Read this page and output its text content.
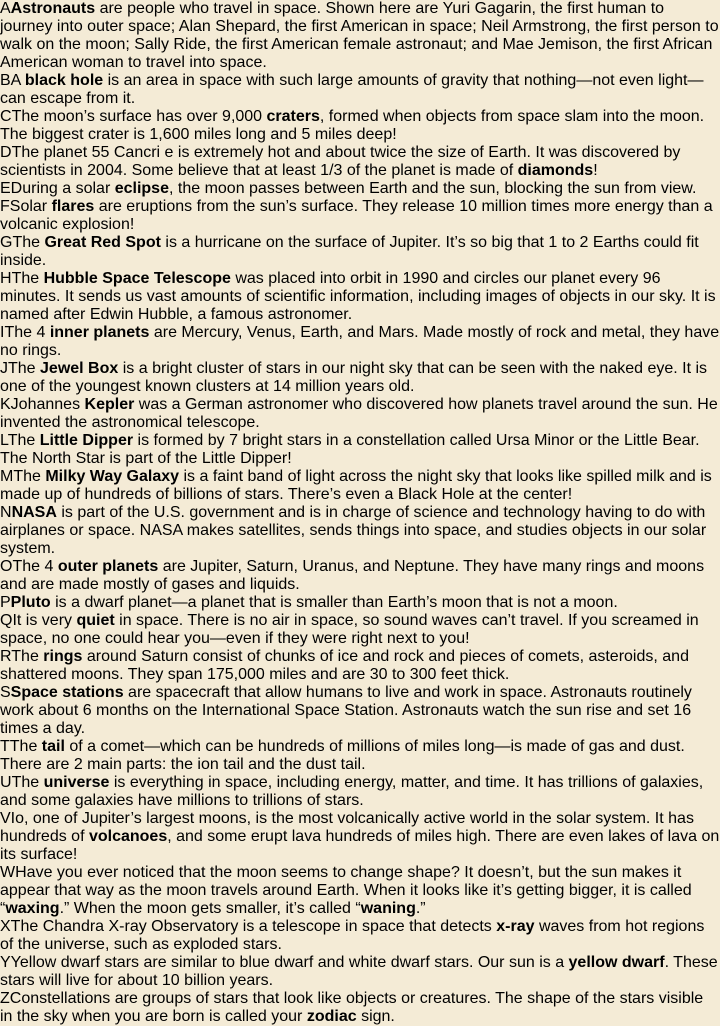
AAstronauts are people who travel in space. Shown here are Yuri Gagarin, the first human to journey into outer space; Alan Shepard, the first American in space; Neil Armstrong, the first person to walk on the moon; Sally Ride, the first American female astronaut; and Mae Jemison, the first African American woman to travel into space.
BA black hole is an area in space with such large amounts of gravity that nothing—not even light—can escape from it.
CThe moon’s surface has over 9,000 craters, formed when objects from space slam into the moon. The biggest crater is 1,600 miles long and 5 miles deep!
DThe planet 55 Cancri e is extremely hot and about twice the size of Earth. It was discovered by scientists in 2004. Some believe that at least 1/3 of the planet is made of diamonds!
EDuring a solar eclipse, the moon passes between Earth and the sun, blocking the sun from view.
FSolar flares are eruptions from the sun’s surface. They release 10 million times more energy than a volcanic explosion!
GThe Great Red Spot is a hurricane on the surface of Jupiter. It’s so big that 1 to 2 Earths could fit inside.
HThe Hubble Space Telescope was placed into orbit in 1990 and circles our planet every 96 minutes. It sends us vast amounts of scientific information, including images of objects in our sky. It is named after Edwin Hubble, a famous astronomer.
IThe 4 inner planets are Mercury, Venus, Earth, and Mars. Made mostly of rock and metal, they have no rings.
JThe Jewel Box is a bright cluster of stars in our night sky that can be seen with the naked eye. It is one of the youngest known clusters at 14 million years old.
KJohannes Kepler was a German astronomer who discovered how planets travel around the sun. He invented the astronomical telescope.
LThe Little Dipper is formed by 7 bright stars in a constellation called Ursa Minor or the Little Bear. The North Star is part of the Little Dipper!
MThe Milky Way Galaxy is a faint band of light across the night sky that looks like spilled milk and is made up of hundreds of billions of stars. There’s even a Black Hole at the center!
NNASA is part of the U.S. government and is in charge of science and technology having to do with airplanes or space. NASA makes satellites, sends things into space, and studies objects in our solar system.
OThe 4 outer planets are Jupiter, Saturn, Uranus, and Neptune. They have many rings and moons and are made mostly of gases and liquids.
PPluto is a dwarf planet—a planet that is smaller than Earth’s moon that is not a moon.
QIt is very quiet in space. There is no air in space, so sound waves can’t travel. If you screamed in space, no one could hear you—even if they were right next to you!
RThe rings around Saturn consist of chunks of ice and rock and pieces of comets, asteroids, and shattered moons. They span 175,000 miles and are 30 to 300 feet thick.
SSpace stations are spacecraft that allow humans to live and work in space. Astronauts routinely work about 6 months on the International Space Station. Astronauts watch the sun rise and set 16 times a day.
TThe tail of a comet—which can be hundreds of millions of miles long—is made of gas and dust. There are 2 main parts: the ion tail and the dust tail.
UThe universe is everything in space, including energy, matter, and time. It has trillions of galaxies, and some galaxies have millions to trillions of stars.
VIo, one of Jupiter’s largest moons, is the most volcanically active world in the solar system. It has hundreds of volcanoes, and some erupt lava hundreds of miles high. There are even lakes of lava on its surface!
WHave you ever noticed that the moon seems to change shape? It doesn’t, but the sun makes it appear that way as the moon travels around Earth. When it looks like it’s getting bigger, it is called “waxing.” When the moon gets smaller, it’s called “waning.”
XThe Chandra X-ray Observatory is a telescope in space that detects x-ray waves from hot regions of the universe, such as exploded stars.
YYellow dwarf stars are similar to blue dwarf and white dwarf stars. Our sun is a yellow dwarf. These stars will live for about 10 billion years.
ZConstellations are groups of stars that look like objects or creatures. The shape of the stars visible in the sky when you are born is called your zodiac sign.
